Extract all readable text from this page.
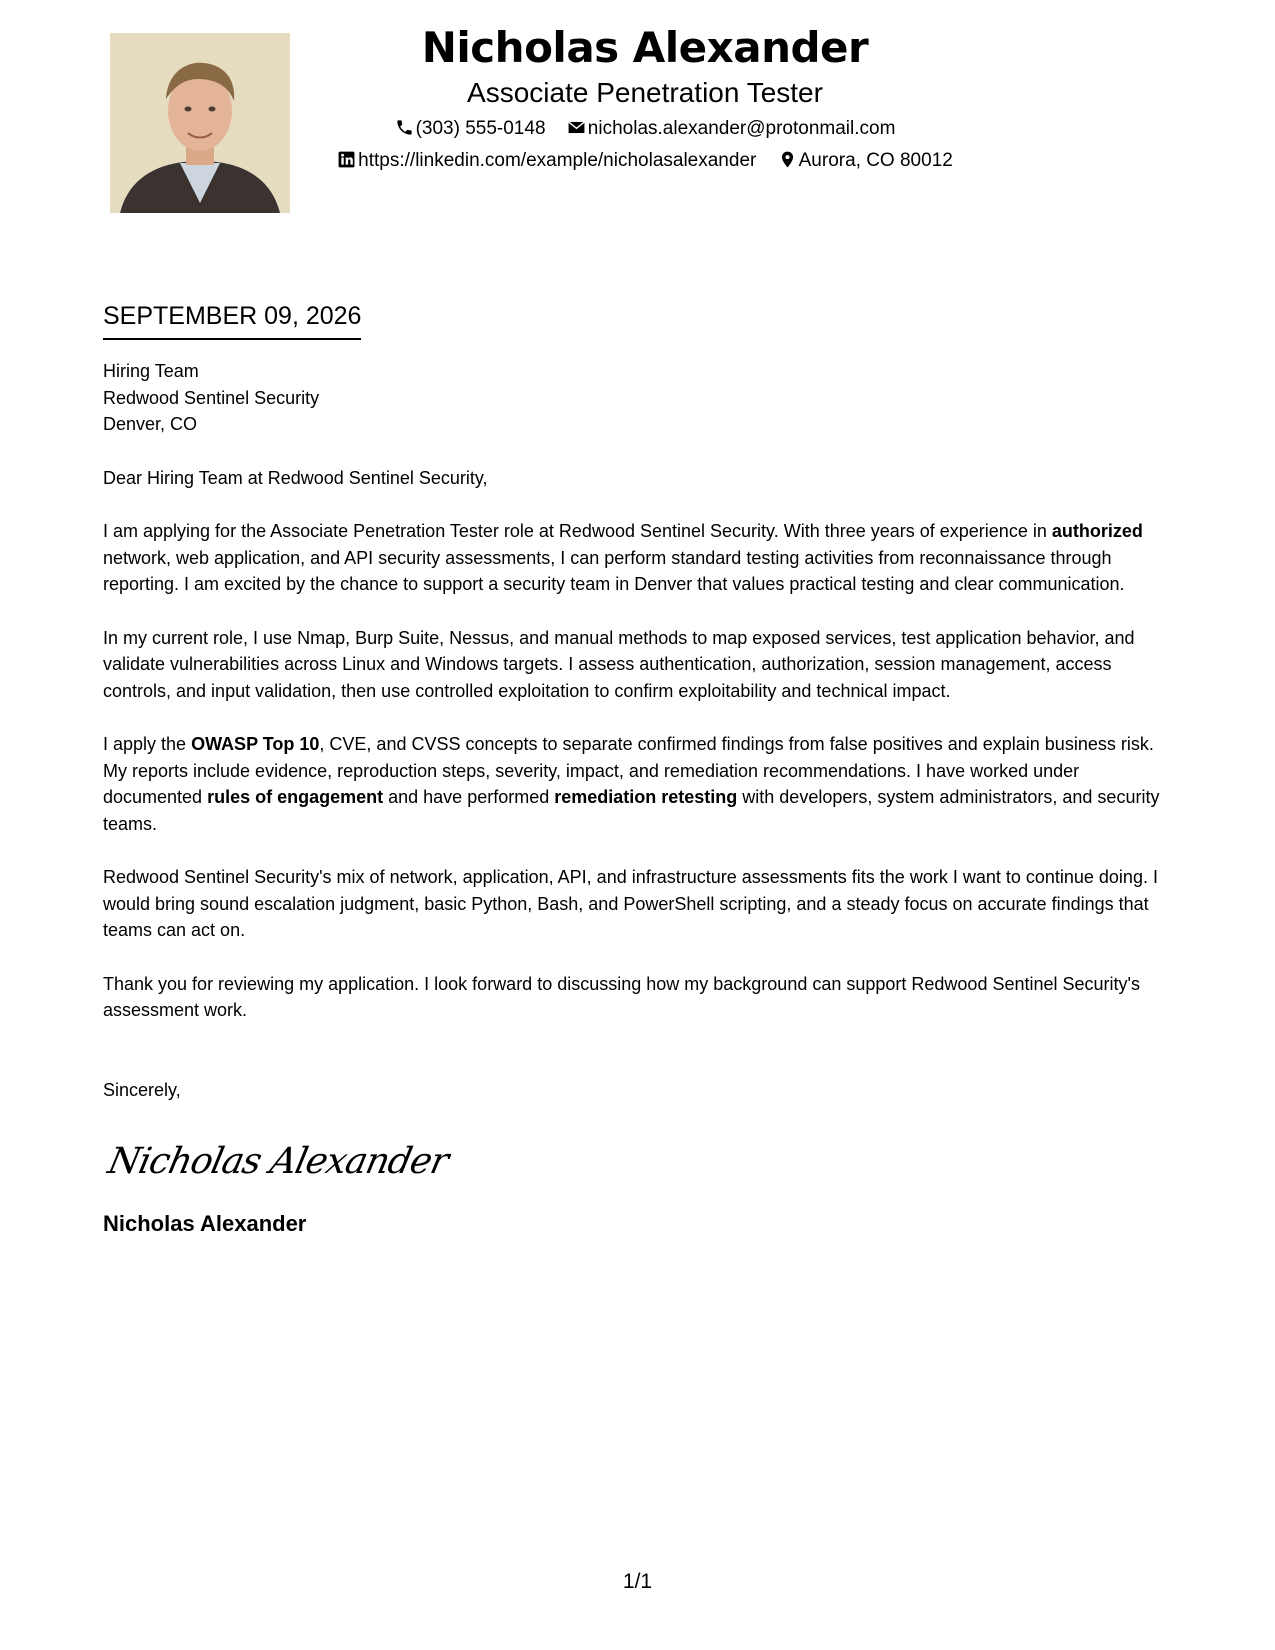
Nicholas Alexander
Associate Penetration Tester
(303) 555-0148 nicholas.alexander@protonmail.com
https://linkedin.com/example/nicholasalexander Aurora, CO 80012
SEPTEMBER 09, 2026
Hiring Team
Redwood Sentinel Security
Denver, CO
Dear Hiring Team at Redwood Sentinel Security,
I am applying for the Associate Penetration Tester role at Redwood Sentinel Security. With three years of experience in authorized network, web application, and API security assessments, I can perform standard testing activities from reconnaissance through reporting. I am excited by the chance to support a security team in Denver that values practical testing and clear communication.
In my current role, I use Nmap, Burp Suite, Nessus, and manual methods to map exposed services, test application behavior, and validate vulnerabilities across Linux and Windows targets. I assess authentication, authorization, session management, access controls, and input validation, then use controlled exploitation to confirm exploitability and technical impact.
I apply the OWASP Top 10, CVE, and CVSS concepts to separate confirmed findings from false positives and explain business risk. My reports include evidence, reproduction steps, severity, impact, and remediation recommendations. I have worked under documented rules of engagement and have performed remediation retesting with developers, system administrators, and security teams.
Redwood Sentinel Security's mix of network, application, API, and infrastructure assessments fits the work I want to continue doing. I would bring sound escalation judgment, basic Python, Bash, and PowerShell scripting, and a steady focus on accurate findings that teams can act on.
Thank you for reviewing my application. I look forward to discussing how my background can support Redwood Sentinel Security's assessment work.
Sincerely,
Nicholas Alexander
Nicholas Alexander
1/1
